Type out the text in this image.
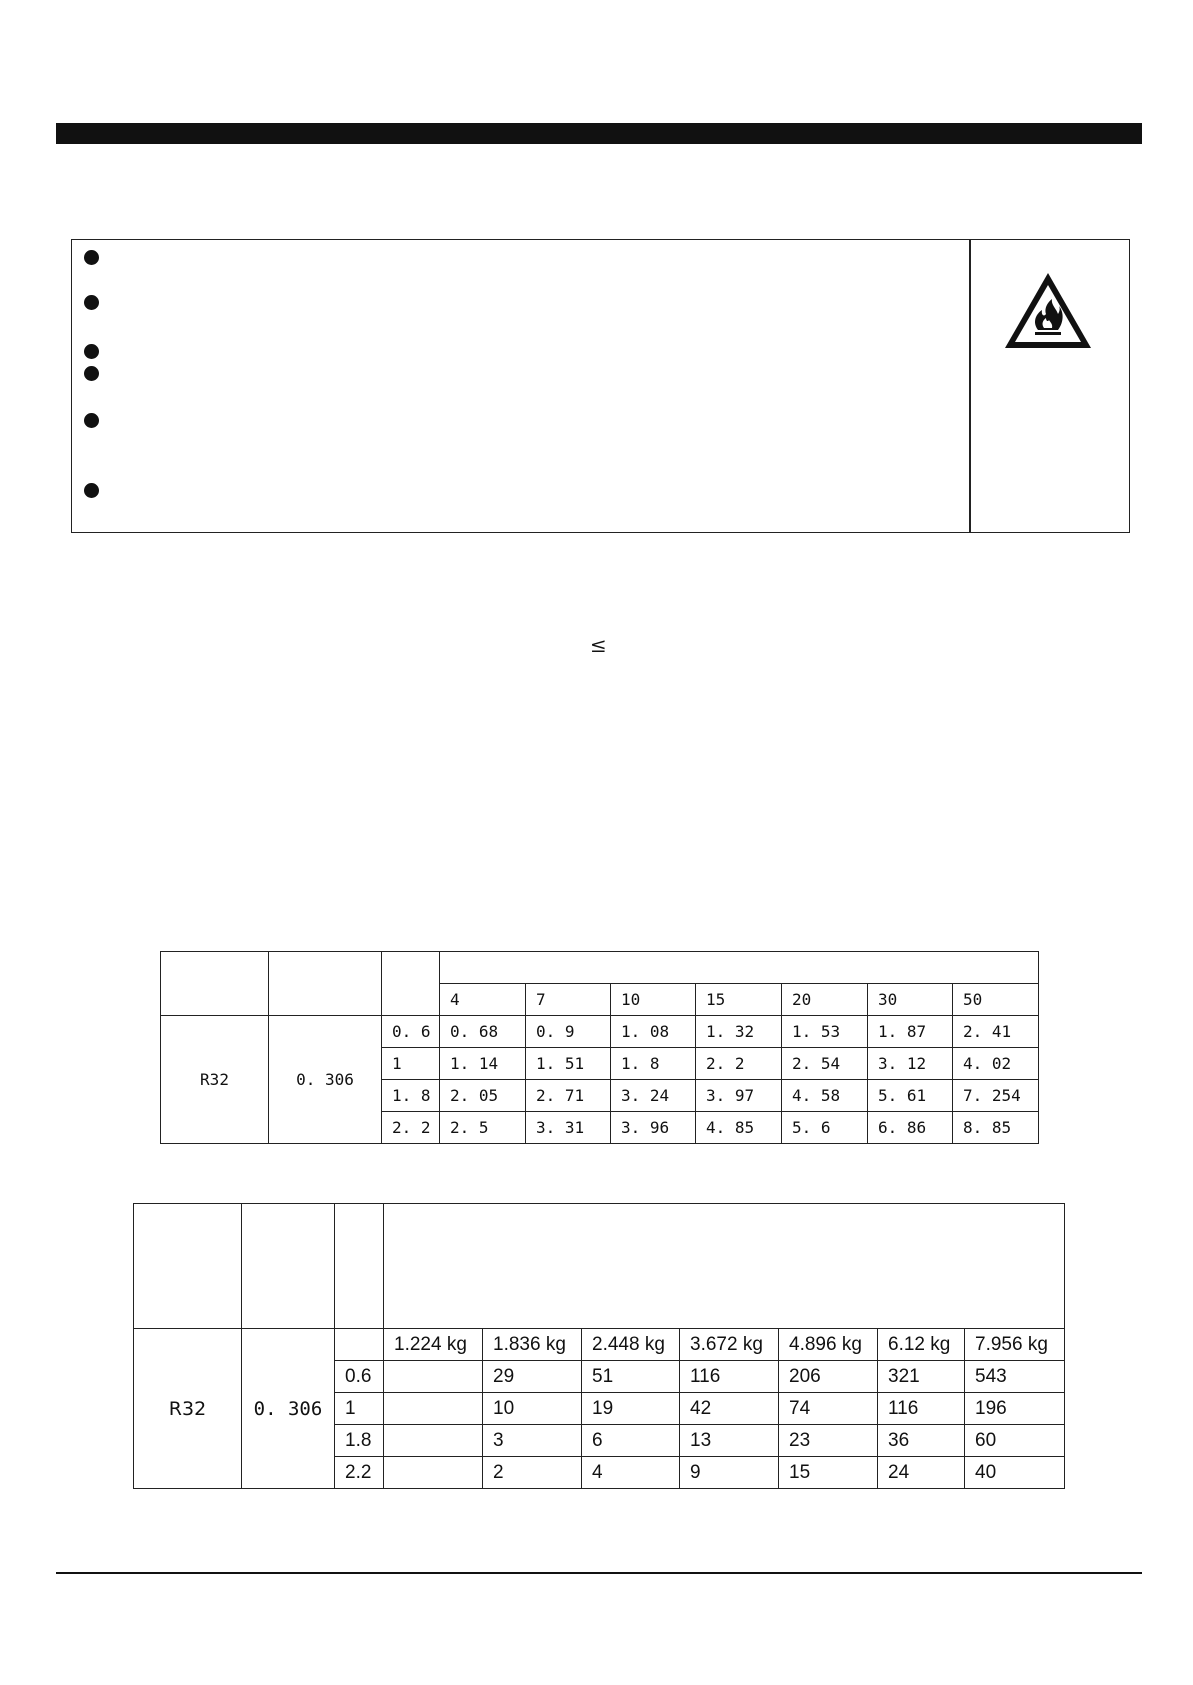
≤

			4	7	10	15	20	30	50
R32	0. 306	0. 6	0. 68	0. 9	1. 08	1. 32	1. 53	1. 87	2. 41
		1	1. 14	1. 51	1. 8	2. 2	2. 54	3. 12	4. 02
		1. 8	2. 05	2. 71	3. 24	3. 97	4. 58	5. 61	7. 254
		2. 2	2. 5	3. 31	3. 96	4. 85	5. 6	6. 86	8. 85

R32	0. 306		1.224 kg	1.836 kg	2.448 kg	3.672 kg	4.896 kg	6.12 kg	7.956 kg
		0.6		29	51	116	206	321	543
		1		10	19	42	74	116	196
		1.8		3	6	13	23	36	60
		2.2		2	4	9	15	24	40
